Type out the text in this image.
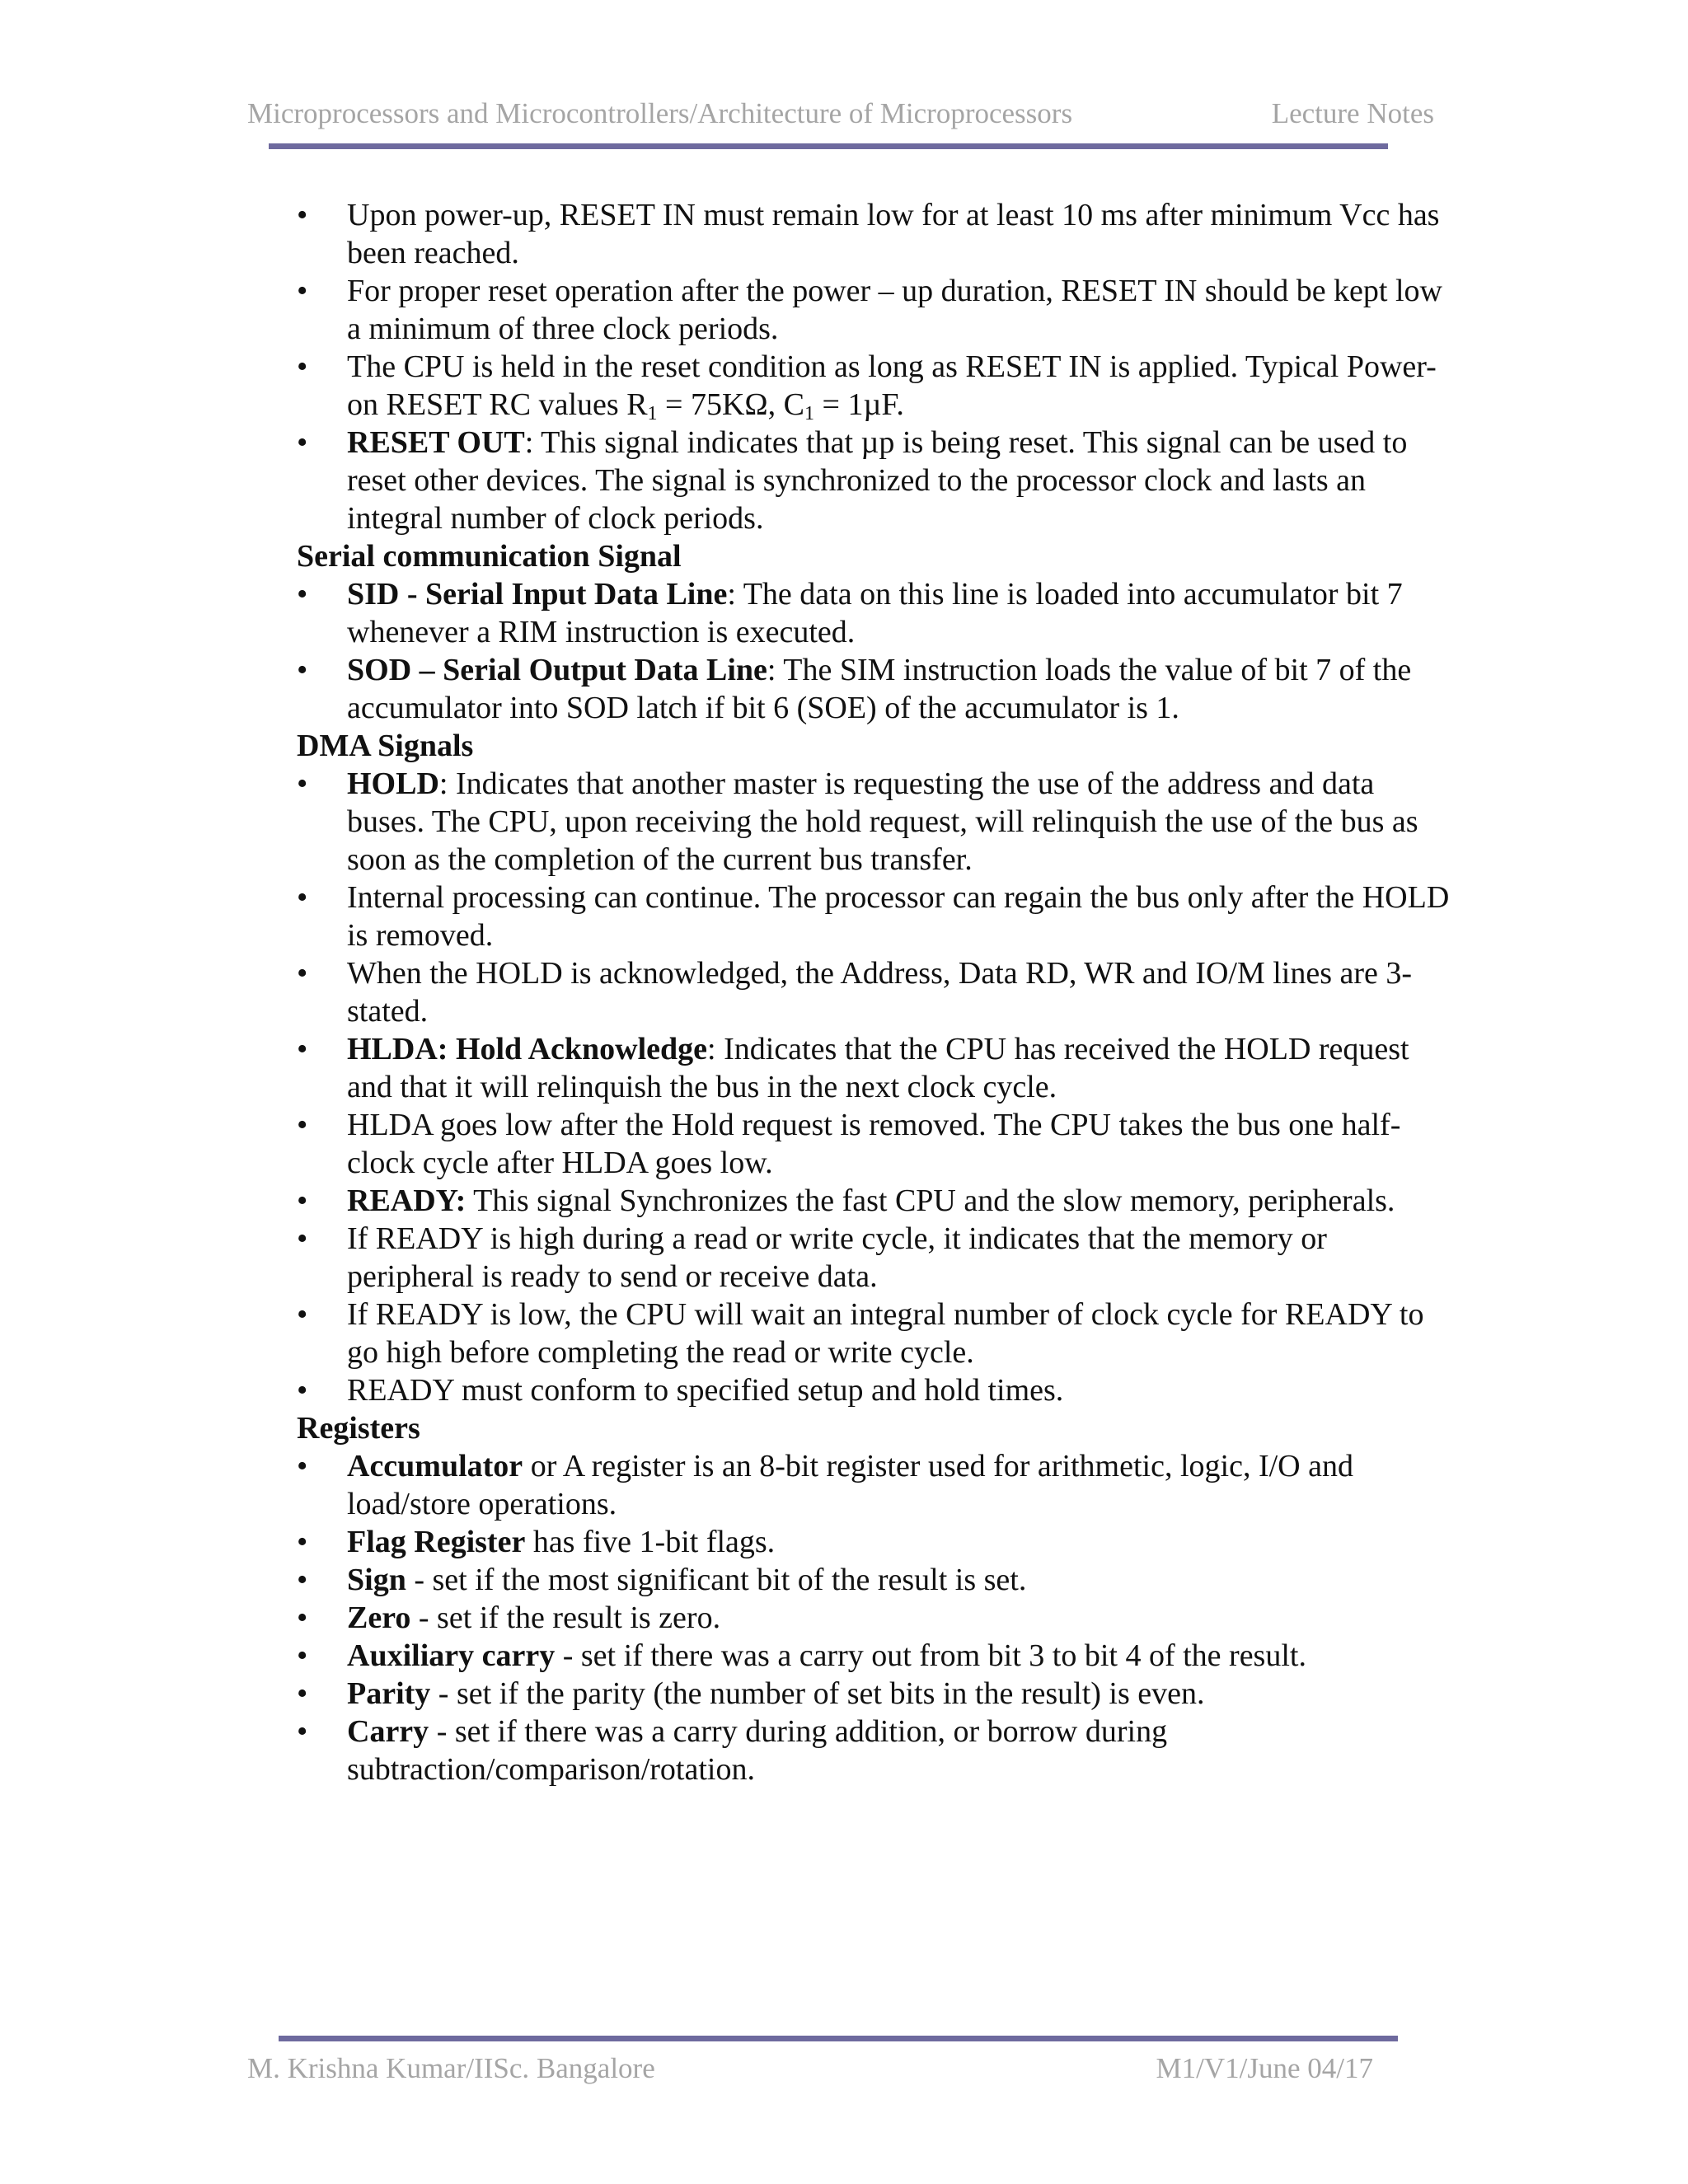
Microprocessors and Microcontrollers/Architecture of Microprocessors	Lecture Notes
• Upon power-up, RESET IN must remain low for at least 10 ms after minimum Vcc has been reached.
• For proper reset operation after the power – up duration, RESET IN should be kept low a minimum of three clock periods.
• The CPU is held in the reset condition as long as RESET IN is applied. Typical Power-on RESET RC values $R_1 = 75K\Omega$, $C_1 = 1\mu F$.
• RESET OUT: This signal indicates that µp is being reset. This signal can be used to reset other devices. The signal is synchronized to the processor clock and lasts an integral number of clock periods.
Serial communication Signal
• SID - Serial Input Data Line: The data on this line is loaded into accumulator bit 7 whenever a RIM instruction is executed.
• SOD – Serial Output Data Line: The SIM instruction loads the value of bit 7 of the accumulator into SOD latch if bit 6 (SOE) of the accumulator is 1.
DMA Signals
• HOLD: Indicates that another master is requesting the use of the address and data buses. The CPU, upon receiving the hold request, will relinquish the use of the bus as soon as the completion of the current bus transfer.
• Internal processing can continue. The processor can regain the bus only after the HOLD is removed.
• When the HOLD is acknowledged, the Address, Data RD, WR and IO/M lines are 3-stated.
• HLDA: Hold Acknowledge: Indicates that the CPU has received the HOLD request and that it will relinquish the bus in the next clock cycle.
• HLDA goes low after the Hold request is removed. The CPU takes the bus one half-clock cycle after HLDA goes low.
• READY: This signal Synchronizes the fast CPU and the slow memory, peripherals.
• If READY is high during a read or write cycle, it indicates that the memory or peripheral is ready to send or receive data.
• If READY is low, the CPU will wait an integral number of clock cycle for READY to go high before completing the read or write cycle.
• READY must conform to specified setup and hold times.
Registers
• Accumulator or A register is an 8-bit register used for arithmetic, logic, I/O and load/store operations.
• Flag Register has five 1-bit flags.
• Sign - set if the most significant bit of the result is set.
• Zero - set if the result is zero.
• Auxiliary carry - set if there was a carry out from bit 3 to bit 4 of the result.
• Parity - set if the parity (the number of set bits in the result) is even.
• Carry - set if there was a carry during addition, or borrow during subtraction/comparison/rotation.
M. Krishna Kumar/IISc. Bangalore	M1/V1/June 04/17
